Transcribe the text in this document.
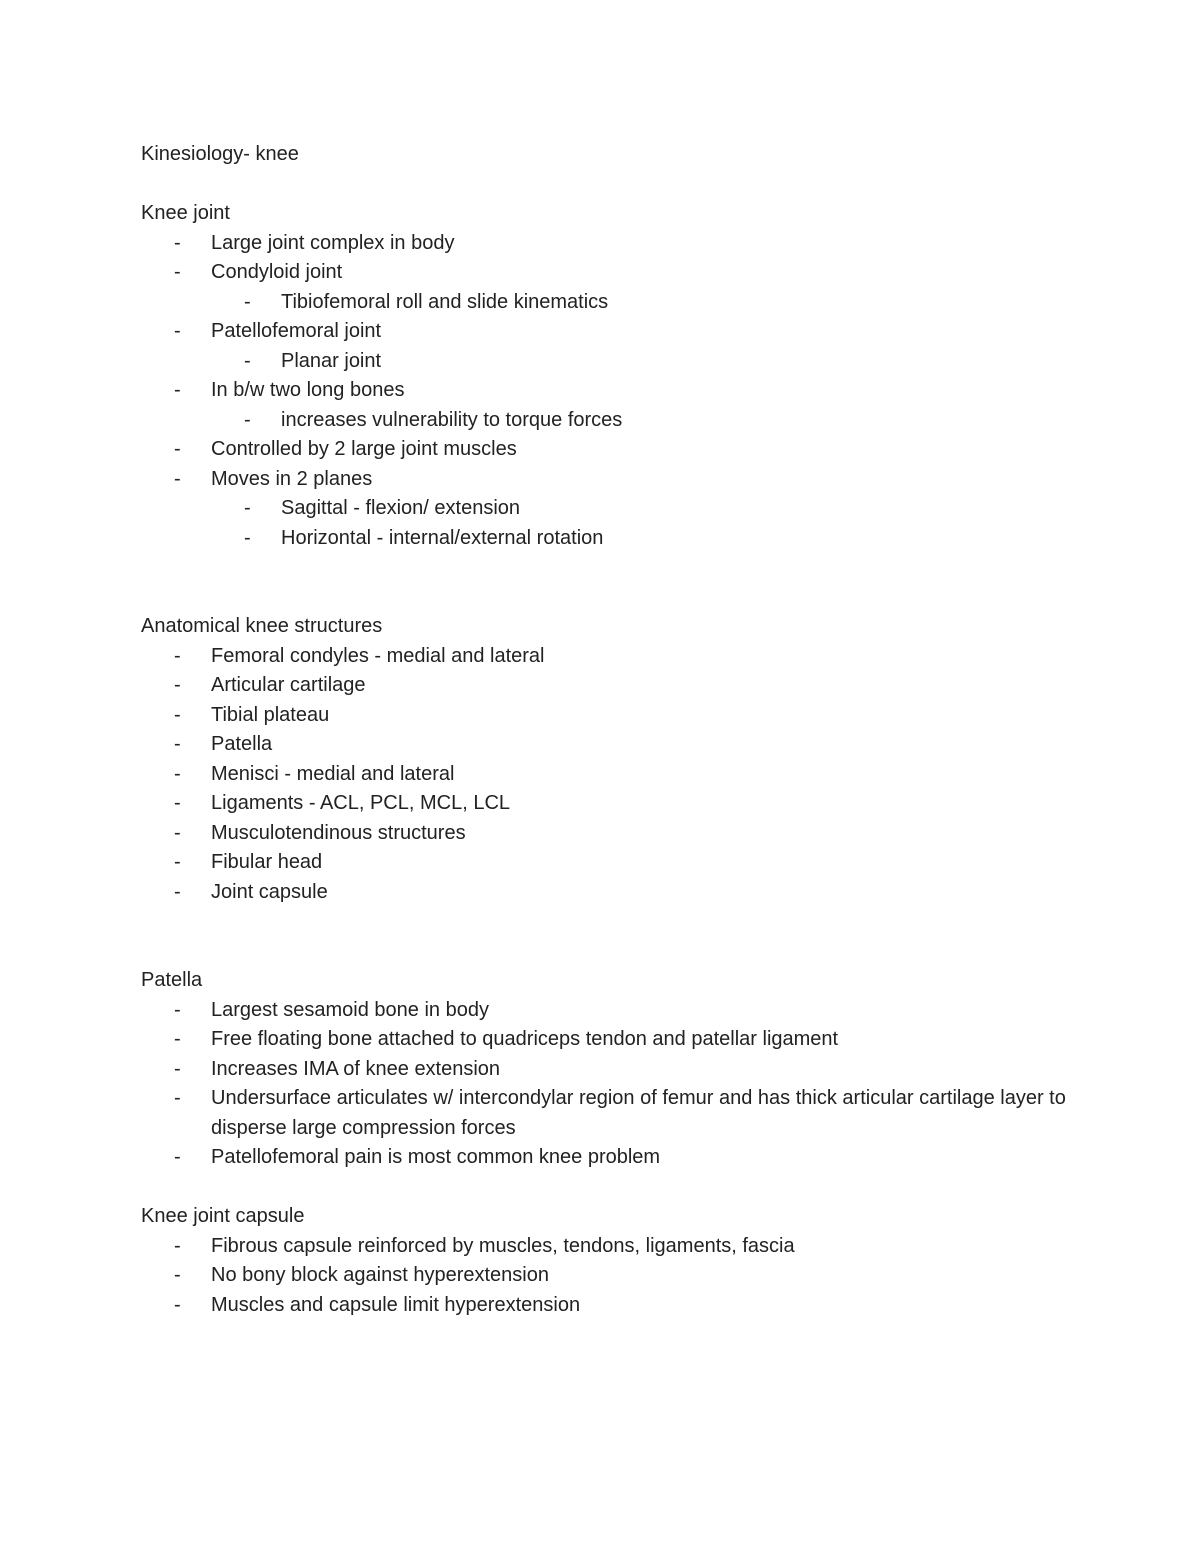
Kinesiology- knee

Knee joint

- Large joint complex in body
- Condyloid joint
- Tibiofemoral roll and slide kinematics
- Patellofemoral joint
- Planar joint
- In b/w two long bones
- increases vulnerability to torque forces
- Controlled by 2 large joint muscles
- Moves in 2 planes
- Sagittal - flexion/ extension
- Horizontal - internal/external rotation

Anatomical knee structures

- Femoral condyles - medial and lateral
- Articular cartilage
- Tibial plateau
- Patella
- Menisci - medial and lateral
- Ligaments - ACL, PCL, MCL, LCL
- Musculotendinous structures
- Fibular head
- Joint capsule

Patella

- Largest sesamoid bone in body
- Free floating bone attached to quadriceps tendon and patellar ligament
- Increases IMA of knee extension
- Undersurface articulates w/ intercondylar region of femur and has thick articular cartilage layer to disperse large compression forces
- Patellofemoral pain is most common knee problem

Knee joint capsule

- Fibrous capsule reinforced by muscles, tendons, ligaments, fascia
- No bony block against hyperextension
- Muscles and capsule limit hyperextension
